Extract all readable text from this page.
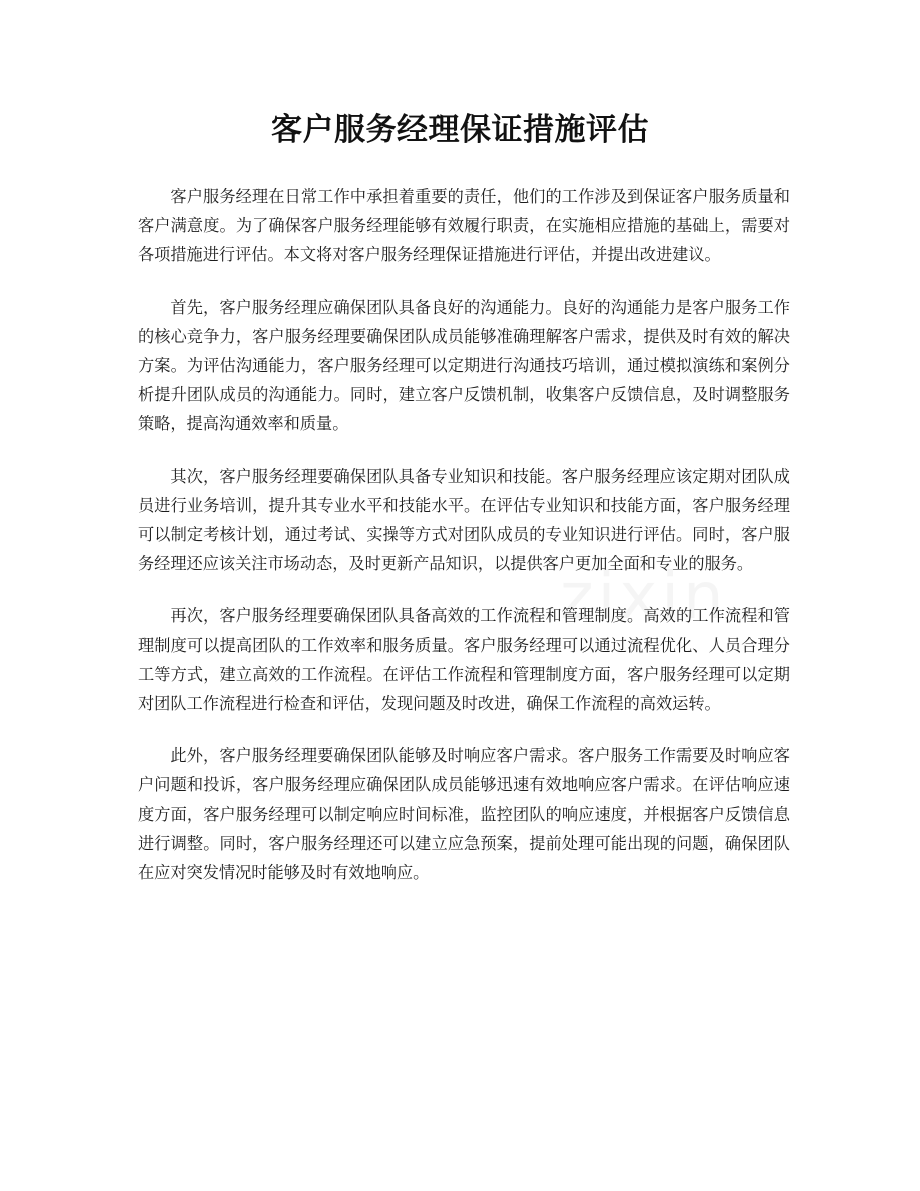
客户服务经理保证措施评估

客户服务经理在日常工作中承担着重要的责任，他们的工作涉及到保证客户服务质量和客户满意度。为了确保客户服务经理能够有效履行职责，在实施相应措施的基础上，需要对各项措施进行评估。本文将对客户服务经理保证措施进行评估，并提出改进建议。

首先，客户服务经理应确保团队具备良好的沟通能力。良好的沟通能力是客户服务工作的核心竞争力，客户服务经理要确保团队成员能够准确理解客户需求，提供及时有效的解决方案。为评估沟通能力，客户服务经理可以定期进行沟通技巧培训，通过模拟演练和案例分析提升团队成员的沟通能力。同时，建立客户反馈机制，收集客户反馈信息，及时调整服务策略，提高沟通效率和质量。

其次，客户服务经理要确保团队具备专业知识和技能。客户服务经理应该定期对团队成员进行业务培训，提升其专业水平和技能水平。在评估专业知识和技能方面，客户服务经理可以制定考核计划，通过考试、实操等方式对团队成员的专业知识进行评估。同时，客户服务经理还应该关注市场动态，及时更新产品知识，以提供客户更加全面和专业的服务。

再次，客户服务经理要确保团队具备高效的工作流程和管理制度。高效的工作流程和管理制度可以提高团队的工作效率和服务质量。客户服务经理可以通过流程优化、人员合理分工等方式，建立高效的工作流程。在评估工作流程和管理制度方面，客户服务经理可以定期对团队工作流程进行检查和评估，发现问题及时改进，确保工作流程的高效运转。

此外，客户服务经理要确保团队能够及时响应客户需求。客户服务工作需要及时响应客户问题和投诉，客户服务经理应确保团队成员能够迅速有效地响应客户需求。在评估响应速度方面，客户服务经理可以制定响应时间标准，监控团队的响应速度，并根据客户反馈信息进行调整。同时，客户服务经理还可以建立应急预案，提前处理可能出现的问题，确保团队在应对突发情况时能够及时有效地响应。
